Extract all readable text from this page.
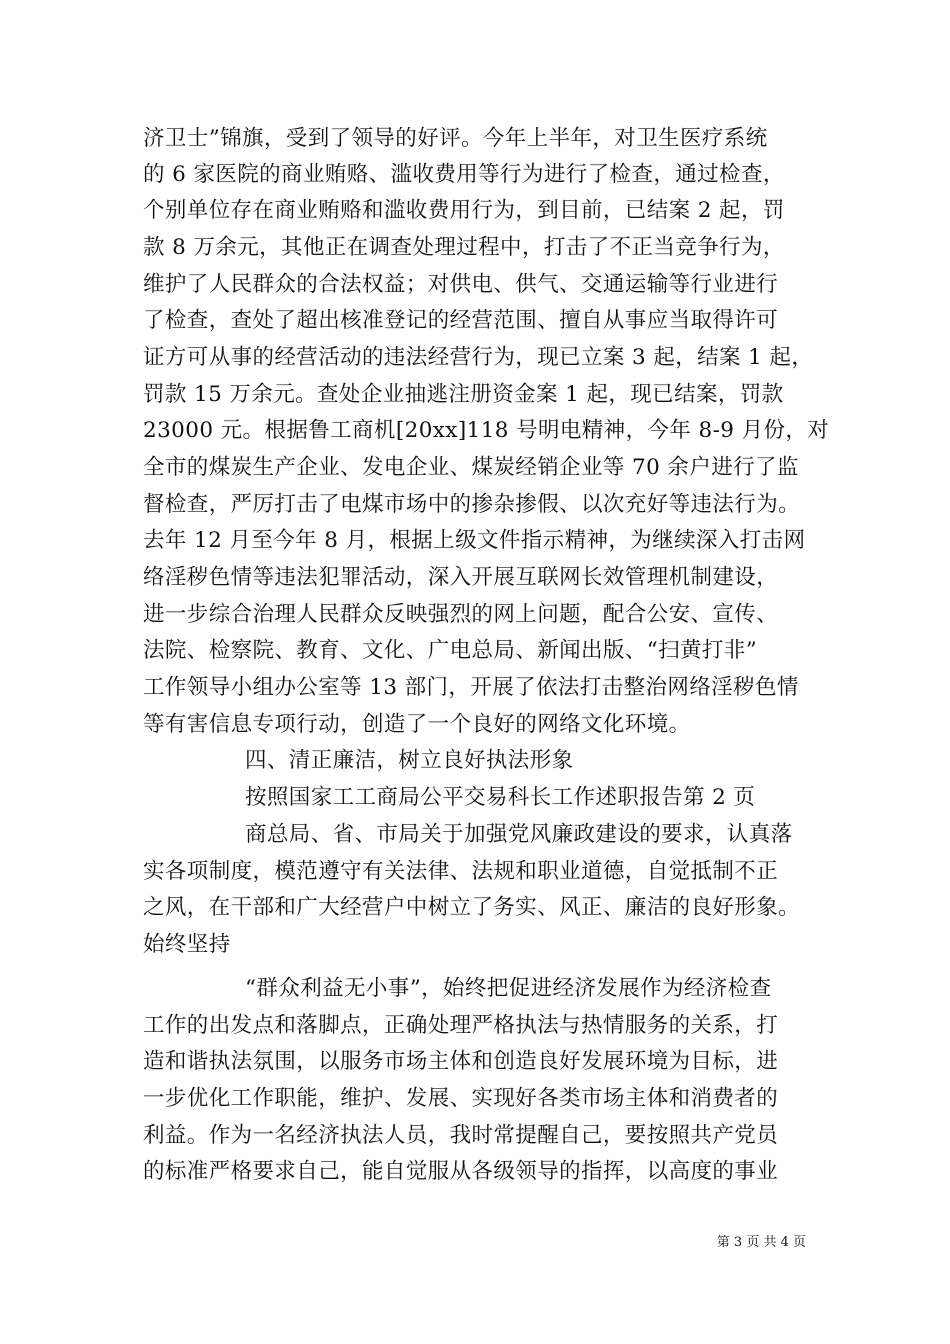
济卫士”锦旗，受到了领导的好评。今年上半年，对卫生医疗系统
的 6 家医院的商业贿赂、滥收费用等行为进行了检查，通过检查，
个别单位存在商业贿赂和滥收费用行为，到目前，已结案 2 起，罚
款 8 万余元，其他正在调查处理过程中，打击了不正当竞争行为，
维护了人民群众的合法权益；对供电、供气、交通运输等行业进行
了检查，查处了超出核准登记的经营范围、擅自从事应当取得许可
证方可从事的经营活动的违法经营行为，现已立案 3 起，结案 1 起，
罚款 15 万余元。查处企业抽逃注册资金案 1 起，现已结案，罚款
23000 元。根据鲁工商机[20xx]118 号明电精神，今年 8-9 月份，对
全市的煤炭生产企业、发电企业、煤炭经销企业等 70 余户进行了监
督检查，严厉打击了电煤市场中的掺杂掺假、以次充好等违法行为。
去年 12 月至今年 8 月，根据上级文件指示精神，为继续深入打击网
络淫秽色情等违法犯罪活动，深入开展互联网长效管理机制建设，
进一步综合治理人民群众反映强烈的网上问题，配合公安、宣传、
法院、检察院、教育、文化、广电总局、新闻出版、“扫黄打非”
工作领导小组办公室等 13 部门，开展了依法打击整治网络淫秽色情
等有害信息专项行动，创造了一个良好的网络文化环境。
四、清正廉洁，树立良好执法形象
按照国家工工商局公平交易科长工作述职报告第 2 页
商总局、省、市局关于加强党风廉政建设的要求，认真落
实各项制度，模范遵守有关法律、法规和职业道德，自觉抵制不正
之风，在干部和广大经营户中树立了务实、风正、廉洁的良好形象。
始终坚持
“群众利益无小事”，始终把促进经济发展作为经济检查
工作的出发点和落脚点，正确处理严格执法与热情服务的关系，打
造和谐执法氛围，以服务市场主体和创造良好发展环境为目标，进
一步优化工作职能，维护、发展、实现好各类市场主体和消费者的
利益。作为一名经济执法人员，我时常提醒自己，要按照共产党员
的标准严格要求自己，能自觉服从各级领导的指挥，以高度的事业
第 3 页 共 4 页
